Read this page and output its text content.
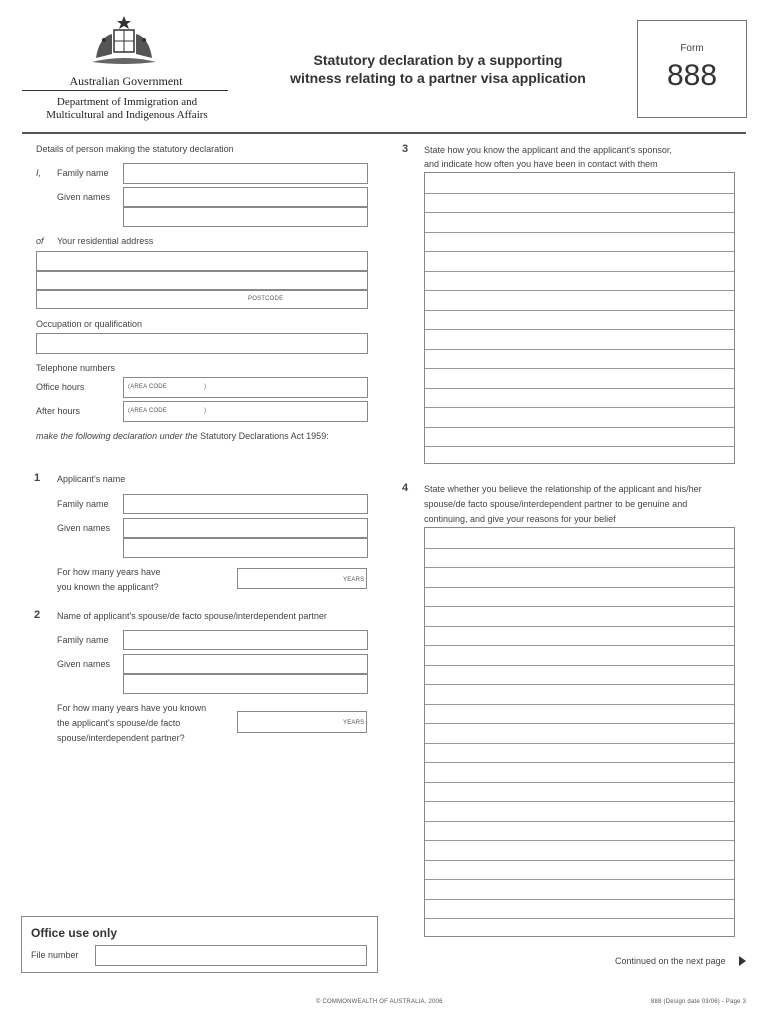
Australian Government
Department of Immigration and
Multicultural and Indigenous Affairs
Statutory declaration by a supporting
witness relating to a partner visa application
Form
888
Details of person making the statutory declaration
I, Family name
Given names
of Your residential address
POSTCODE
Occupation or qualification
Telephone numbers
Office hours	(AREA CODE	)
After hours	(AREA CODE	)
make the following declaration under the Statutory Declarations Act 1959:
1 Applicant's name
Family name
Given names
For how many years have
you known the applicant?
YEARS
2 Name of applicant's spouse/de facto spouse/interdependent partner
Family name
Given names
For how many years have you known
the applicant's spouse/de facto
spouse/interdependent partner?
YEARS
3 State how you know the applicant and the applicant's sponsor,
and indicate how often you have been in contact with them
4 State whether you believe the relationship of the applicant and his/her
spouse/de facto spouse/interdependent partner to be genuine and
continuing, and give your reasons for your belief
Office use only
File number
Continued on the next page
© COMMONWEALTH OF AUSTRALIA, 2006	888 (Design date 03/06) - Page 3
